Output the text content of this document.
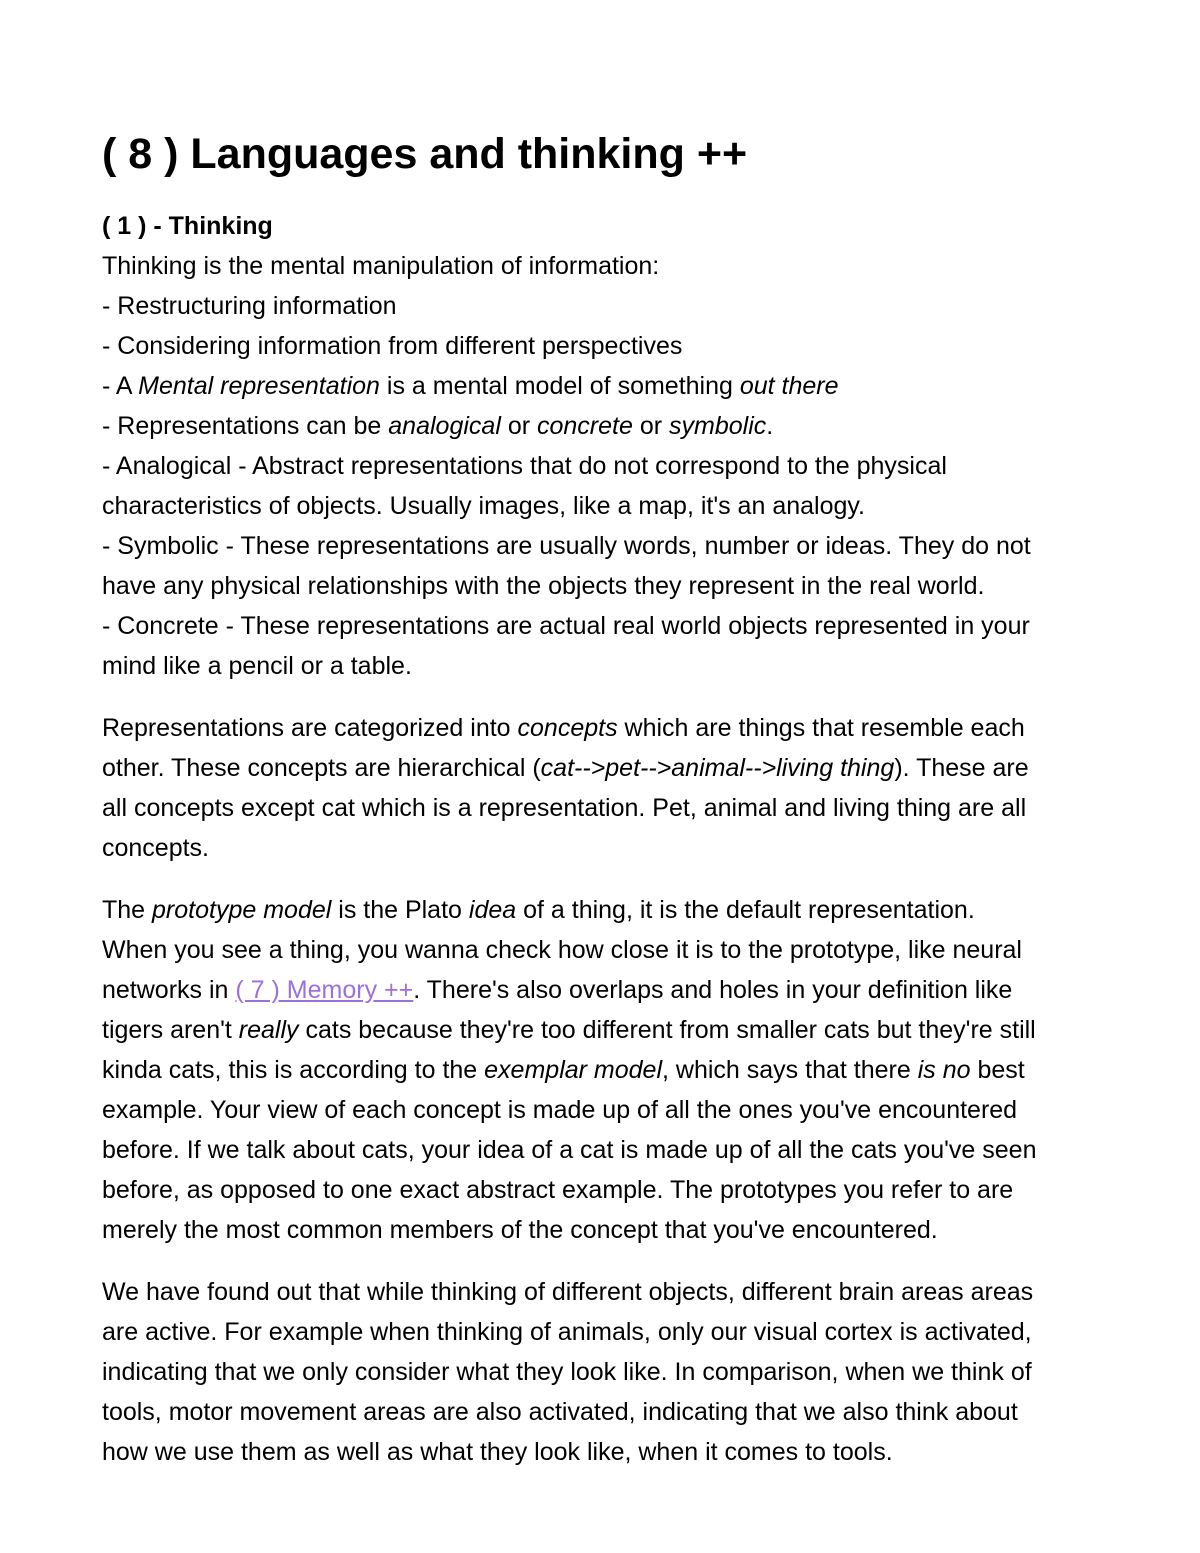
( 8 ) Languages and thinking ++
( 1 ) - Thinking
Thinking is the mental manipulation of information:
- Restructuring information
- Considering information from different perspectives
- A Mental representation is a mental model of something out there
- Representations can be analogical or concrete or symbolic.
- Analogical - Abstract representations that do not correspond to the physical
characteristics of objects. Usually images, like a map, it's an analogy.
- Symbolic - These representations are usually words, number or ideas. They do not
have any physical relationships with the objects they represent in the real world.
- Concrete - These representations are actual real world objects represented in your
mind like a pencil or a table.
Representations are categorized into concepts which are things that resemble each
other. These concepts are hierarchical (cat-->pet-->animal-->living thing). These are
all concepts except cat which is a representation. Pet, animal and living thing are all
concepts.
The prototype model is the Plato idea of a thing, it is the default representation.
When you see a thing, you wanna check how close it is to the prototype, like neural
networks in ( 7 ) Memory ++. There's also overlaps and holes in your definition like
tigers aren't really cats because they're too different from smaller cats but they're still
kinda cats, this is according to the exemplar model, which says that there is no best
example. Your view of each concept is made up of all the ones you've encountered
before. If we talk about cats, your idea of a cat is made up of all the cats you've seen
before, as opposed to one exact abstract example. The prototypes you refer to are
merely the most common members of the concept that you've encountered.
We have found out that while thinking of different objects, different brain areas areas
are active. For example when thinking of animals, only our visual cortex is activated,
indicating that we only consider what they look like. In comparison, when we think of
tools, motor movement areas are also activated, indicating that we also think about
how we use them as well as what they look like, when it comes to tools.
